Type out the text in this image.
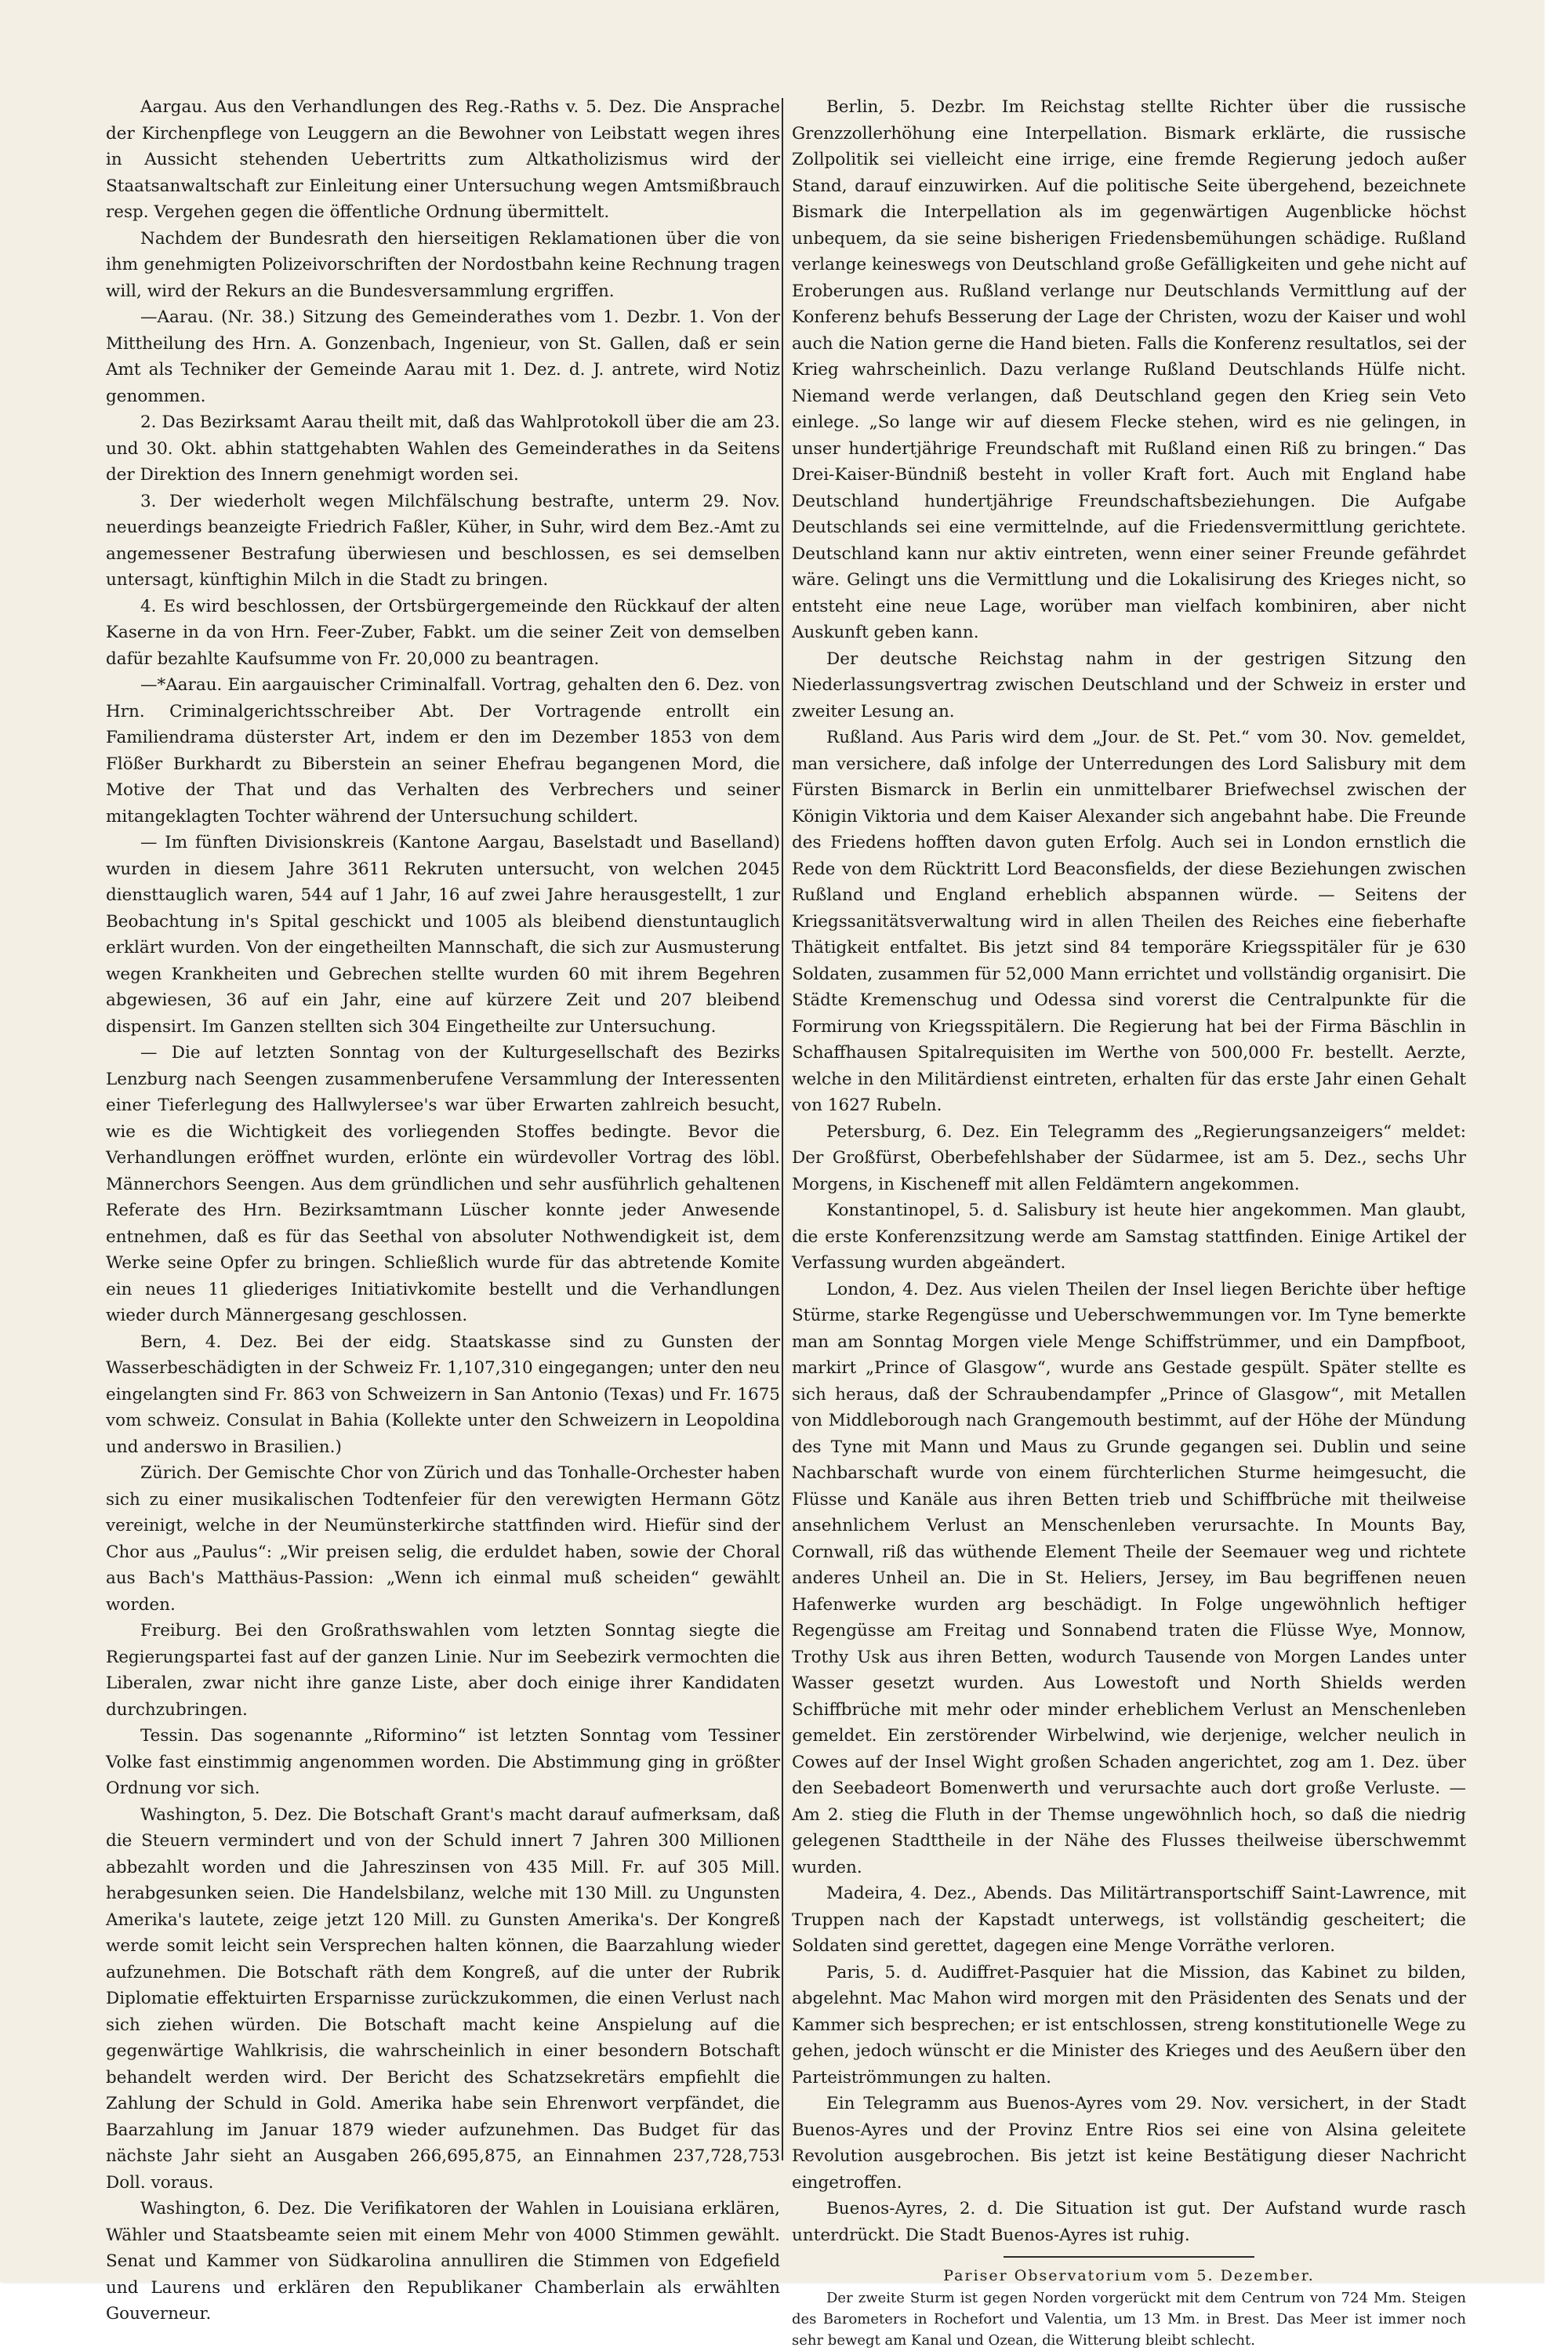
Aargau. Aus den Verhandlungen des Reg.-Raths v. 5. Dez. Die Ansprache der Kirchenpflege von Leuggern an die Bewohner von Leibstatt wegen ihres in Aussicht stehenden Uebertritts zum Altkatholizismus wird der Staatsanwaltschaft zur Einleitung einer Untersuchung wegen Amtsmißbrauch resp. Vergehen gegen die öffentliche Ordnung übermittelt.

Nachdem der Bundesrath den hierseitigen Reklamationen über die von ihm genehmigten Polizeivorschriften der Nordostbahn keine Rechnung tragen will, wird der Rekurs an die Bundesversammlung ergriffen.

—Aarau. (Nr. 38.) Sitzung des Gemeinderathes vom 1. Dezbr. 1. Von der Mittheilung des Hrn. A. Gonzenbach, Ingenieur, von St. Gallen, daß er sein Amt als Techniker der Gemeinde Aarau mit 1. Dez. d. J. antrete, wird Notiz genommen.

2. Das Bezirksamt Aarau theilt mit, daß das Wahlprotokoll über die am 23. und 30. Okt. abhin stattgehabten Wahlen des Gemeinderathes in da Seitens der Direktion des Innern genehmigt worden sei.

3. Der wiederholt wegen Milchfälschung bestrafte, unterm 29. Nov. neuerdings beanzeigte Friedrich Faßler, Küher, in Suhr, wird dem Bez.-Amt zu angemessener Bestrafung überwiesen und beschlossen, es sei demselben untersagt, künftighin Milch in die Stadt zu bringen.

4. Es wird beschlossen, der Ortsbürgergemeinde den Rückkauf der alten Kaserne in da von Hrn. Feer-Zuber, Fabkt. um die seiner Zeit von demselben dafür bezahlte Kaufsumme von Fr. 20,000 zu beantragen.

—*Aarau. Ein aargauischer Criminalfall. Vortrag, gehalten den 6. Dez. von Hrn. Criminalgerichtsschreiber Abt. Der Vortragende entrollt ein Familiendrama düsterster Art, indem er den im Dezember 1853 von dem Flößer Burkhardt zu Biberstein an seiner Ehefrau begangenen Mord, die Motive der That und das Verhalten des Verbrechers und seiner mitangeklagten Tochter während der Untersuchung schildert.

— Im fünften Divisionskreis (Kantone Aargau, Baselstadt und Baselland) wurden in diesem Jahre 3611 Rekruten untersucht, von welchen 2045 diensttauglich waren, 544 auf 1 Jahr, 16 auf zwei Jahre herausgestellt, 1 zur Beobachtung in's Spital geschickt und 1005 als bleibend dienstuntauglich erklärt wurden. Von der eingetheilten Mannschaft, die sich zur Ausmusterung wegen Krankheiten und Gebrechen stellte wurden 60 mit ihrem Begehren abgewiesen, 36 auf ein Jahr, eine auf kürzere Zeit und 207 bleibend dispensirt. Im Ganzen stellten sich 304 Eingetheilte zur Untersuchung.

— Die auf letzten Sonntag von der Kulturgesellschaft des Bezirks Lenzburg nach Seengen zusammenberufene Versammlung der Interessenten einer Tieferlegung des Hallwylersee's war über Erwarten zahlreich besucht, wie es die Wichtigkeit des vorliegenden Stoffes bedingte. Bevor die Verhandlungen eröffnet wurden, erlönte ein würdevoller Vortrag des löbl. Männerchors Seengen. Aus dem gründlichen und sehr ausführlich gehaltenen Referate des Hrn. Bezirksamtmann Lüscher konnte jeder Anwesende entnehmen, daß es für das Seethal von absoluter Nothwendigkeit ist, dem Werke seine Opfer zu bringen. Schließlich wurde für das abtretende Komite ein neues 11 gliederiges Initiativkomite bestellt und die Verhandlungen wieder durch Männergesang geschlossen.

Bern, 4. Dez. Bei der eidg. Staatskasse sind zu Gunsten der Wasserbeschädigten in der Schweiz Fr. 1,107,310 eingegangen; unter den neu eingelangten sind Fr. 863 von Schweizern in San Antonio (Texas) und Fr. 1675 vom schweiz. Consulat in Bahia (Kollekte unter den Schweizern in Leopoldina und anderswo in Brasilien.)

Zürich. Der Gemischte Chor von Zürich und das Tonhalle-Orchester haben sich zu einer musikalischen Todtenfeier für den verewigten Hermann Götz vereinigt, welche in der Neumünsterkirche stattfinden wird. Hiefür sind der Chor aus „Paulus“: „Wir preisen selig, die erduldet haben, sowie der Choral aus Bach's Matthäus-Passion: „Wenn ich einmal muß scheiden“ gewählt worden.

Freiburg. Bei den Großrathswahlen vom letzten Sonntag siegte die Regierungspartei fast auf der ganzen Linie. Nur im Seebezirk vermochten die Liberalen, zwar nicht ihre ganze Liste, aber doch einige ihrer Kandidaten durchzubringen.

Tessin. Das sogenannte „Riformino“ ist letzten Sonntag vom Tessiner Volke fast einstimmig angenommen worden. Die Abstimmung ging in größter Ordnung vor sich.

Washington, 5. Dez. Die Botschaft Grant's macht darauf aufmerksam, daß die Steuern vermindert und von der Schuld innert 7 Jahren 300 Millionen abbezahlt worden und die Jahreszinsen von 435 Mill. Fr. auf 305 Mill. herabgesunken seien. Die Handelsbilanz, welche mit 130 Mill. zu Ungunsten Amerika's lautete, zeige jetzt 120 Mill. zu Gunsten Amerika's. Der Kongreß werde somit leicht sein Versprechen halten können, die Baarzahlung wieder aufzunehmen. Die Botschaft räth dem Kongreß, auf die unter der Rubrik Diplomatie effektuirten Ersparnisse zurückzukommen, die einen Verlust nach sich ziehen würden. Die Botschaft macht keine Anspielung auf die gegenwärtige Wahlkrisis, die wahrscheinlich in einer besondern Botschaft behandelt werden wird. Der Bericht des Schatzsekretärs empfiehlt die Zahlung der Schuld in Gold. Amerika habe sein Ehrenwort verpfändet, die Baarzahlung im Januar 1879 wieder aufzunehmen. Das Budget für das nächste Jahr sieht an Ausgaben 266,695,875, an Einnahmen 237,728,753 Doll. voraus.

Washington, 6. Dez. Die Verifikatoren der Wahlen in Louisiana erklären, Wähler und Staatsbeamte seien mit einem Mehr von 4000 Stimmen gewählt. Senat und Kammer von Südkarolina annulliren die Stimmen von Edgefield und Laurens und erklären den Republikaner Chamberlain als erwählten Gouverneur.

Berlin, 5. Dezbr. Im Reichstag stellte Richter über die russische Grenzzollerhöhung eine Interpellation. Bismark erklärte, die russische Zollpolitik sei vielleicht eine irrige, eine fremde Regierung jedoch außer Stand, darauf einzuwirken. Auf die politische Seite übergehend, bezeichnete Bismark die Interpellation als im gegenwärtigen Augenblicke höchst unbequem, da sie seine bisherigen Friedensbemühungen schädige. Rußland verlange keineswegs von Deutschland große Gefälligkeiten und gehe nicht auf Eroberungen aus. Rußland verlange nur Deutschlands Vermittlung auf der Konferenz behufs Besserung der Lage der Christen, wozu der Kaiser und wohl auch die Nation gerne die Hand bieten. Falls die Konferenz resultatlos, sei der Krieg wahrscheinlich. Dazu verlange Rußland Deutschlands Hülfe nicht. Niemand werde verlangen, daß Deutschland gegen den Krieg sein Veto einlege. „So lange wir auf diesem Flecke stehen, wird es nie gelingen, in unser hundertjährige Freundschaft mit Rußland einen Riß zu bringen.“ Das Drei-Kaiser-Bündniß besteht in voller Kraft fort. Auch mit England habe Deutschland hundertjährige Freundschaftsbeziehungen. Die Aufgabe Deutschlands sei eine vermittelnde, auf die Friedensvermittlung gerichtete. Deutschland kann nur aktiv eintreten, wenn einer seiner Freunde gefährdet wäre. Gelingt uns die Vermittlung und die Lokalisirung des Krieges nicht, so entsteht eine neue Lage, worüber man vielfach kombiniren, aber nicht Auskunft geben kann.

Der deutsche Reichstag nahm in der gestrigen Sitzung den Niederlassungsvertrag zwischen Deutschland und der Schweiz in erster und zweiter Lesung an.

Rußland. Aus Paris wird dem „Jour. de St. Pet.“ vom 30. Nov. gemeldet, man versichere, daß infolge der Unterredungen des Lord Salisbury mit dem Fürsten Bismarck in Berlin ein unmittelbarer Briefwechsel zwischen der Königin Viktoria und dem Kaiser Alexander sich angebahnt habe. Die Freunde des Friedens hofften davon guten Erfolg. Auch sei in London ernstlich die Rede von dem Rücktritt Lord Beaconsfields, der diese Beziehungen zwischen Rußland und England erheblich abspannen würde. — Seitens der Kriegssanitätsverwaltung wird in allen Theilen des Reiches eine fieberhafte Thätigkeit entfaltet. Bis jetzt sind 84 temporäre Kriegsspitäler für je 630 Soldaten, zusammen für 52,000 Mann errichtet und vollständig organisirt. Die Städte Kremenschug und Odessa sind vorerst die Centralpunkte für die Formirung von Kriegsspitälern. Die Regierung hat bei der Firma Bäschlin in Schaffhausen Spitalrequisiten im Werthe von 500,000 Fr. bestellt. Aerzte, welche in den Militärdienst eintreten, erhalten für das erste Jahr einen Gehalt von 1627 Rubeln.

Petersburg, 6. Dez. Ein Telegramm des „Regierungsanzeigers“ meldet: Der Großfürst, Oberbefehlshaber der Südarmee, ist am 5. Dez., sechs Uhr Morgens, in Kischeneff mit allen Feldämtern angekommen.

Konstantinopel, 5. d. Salisbury ist heute hier angekommen. Man glaubt, die erste Konferenzsitzung werde am Samstag stattfinden. Einige Artikel der Verfassung wurden abgeändert.

London, 4. Dez. Aus vielen Theilen der Insel liegen Berichte über heftige Stürme, starke Regengüsse und Ueberschwemmungen vor. Im Tyne bemerkte man am Sonntag Morgen viele Menge Schiffstrümmer, und ein Dampfboot, markirt „Prince of Glasgow“, wurde ans Gestade gespült. Später stellte es sich heraus, daß der Schraubendampfer „Prince of Glasgow“, mit Metallen von Middleborough nach Grangemouth bestimmt, auf der Höhe der Mündung des Tyne mit Mann und Maus zu Grunde gegangen sei. Dublin und seine Nachbarschaft wurde von einem fürchterlichen Sturme heimgesucht, die Flüsse und Kanäle aus ihren Betten trieb und Schiffbrüche mit theilweise ansehnlichem Verlust an Menschenleben verursachte. In Mounts Bay, Cornwall, riß das wüthende Element Theile der Seemauer weg und richtete anderes Unheil an. Die in St. Heliers, Jersey, im Bau begriffenen neuen Hafenwerke wurden arg beschädigt. In Folge ungewöhnlich heftiger Regengüsse am Freitag und Sonnabend traten die Flüsse Wye, Monnow, Trothy Usk aus ihren Betten, wodurch Tausende von Morgen Landes unter Wasser gesetzt wurden. Aus Lowestoft und North Shields werden Schiffbrüche mit mehr oder minder erheblichem Verlust an Menschenleben gemeldet. Ein zerstörender Wirbelwind, wie derjenige, welcher neulich in Cowes auf der Insel Wight großen Schaden angerichtet, zog am 1. Dez. über den Seebadeort Bomenwerth und verursachte auch dort große Verluste. — Am 2. stieg die Fluth in der Themse ungewöhnlich hoch, so daß die niedrig gelegenen Stadttheile in der Nähe des Flusses theilweise überschwemmt wurden.

Madeira, 4. Dez., Abends. Das Militärtransportschiff Saint-Lawrence, mit Truppen nach der Kapstadt unterwegs, ist vollständig gescheitert; die Soldaten sind gerettet, dagegen eine Menge Vorräthe verloren.

Paris, 5. d. Audiffret-Pasquier hat die Mission, das Kabinet zu bilden, abgelehnt. Mac Mahon wird morgen mit den Präsidenten des Senats und der Kammer sich besprechen; er ist entschlossen, streng konstitutionelle Wege zu gehen, jedoch wünscht er die Minister des Krieges und des Aeußern über den Parteiströmmungen zu halten.

Ein Telegramm aus Buenos-Ayres vom 29. Nov. versichert, in der Stadt Buenos-Ayres und der Provinz Entre Rios sei eine von Alsina geleitete Revolution ausgebrochen. Bis jetzt ist keine Bestätigung dieser Nachricht eingetroffen.

Buenos-Ayres, 2. d. Die Situation ist gut. Der Aufstand wurde rasch unterdrückt. Die Stadt Buenos-Ayres ist ruhig.

Pariser Observatorium vom 5. Dezember.

Der zweite Sturm ist gegen Norden vorgerückt mit dem Centrum von 724 Mm. Steigen des Barometers in Rochefort und Valentia, um 13 Mm. in Brest. Das Meer ist immer noch sehr bewegt am Kanal und Ozean, die Witterung bleibt schlecht.
